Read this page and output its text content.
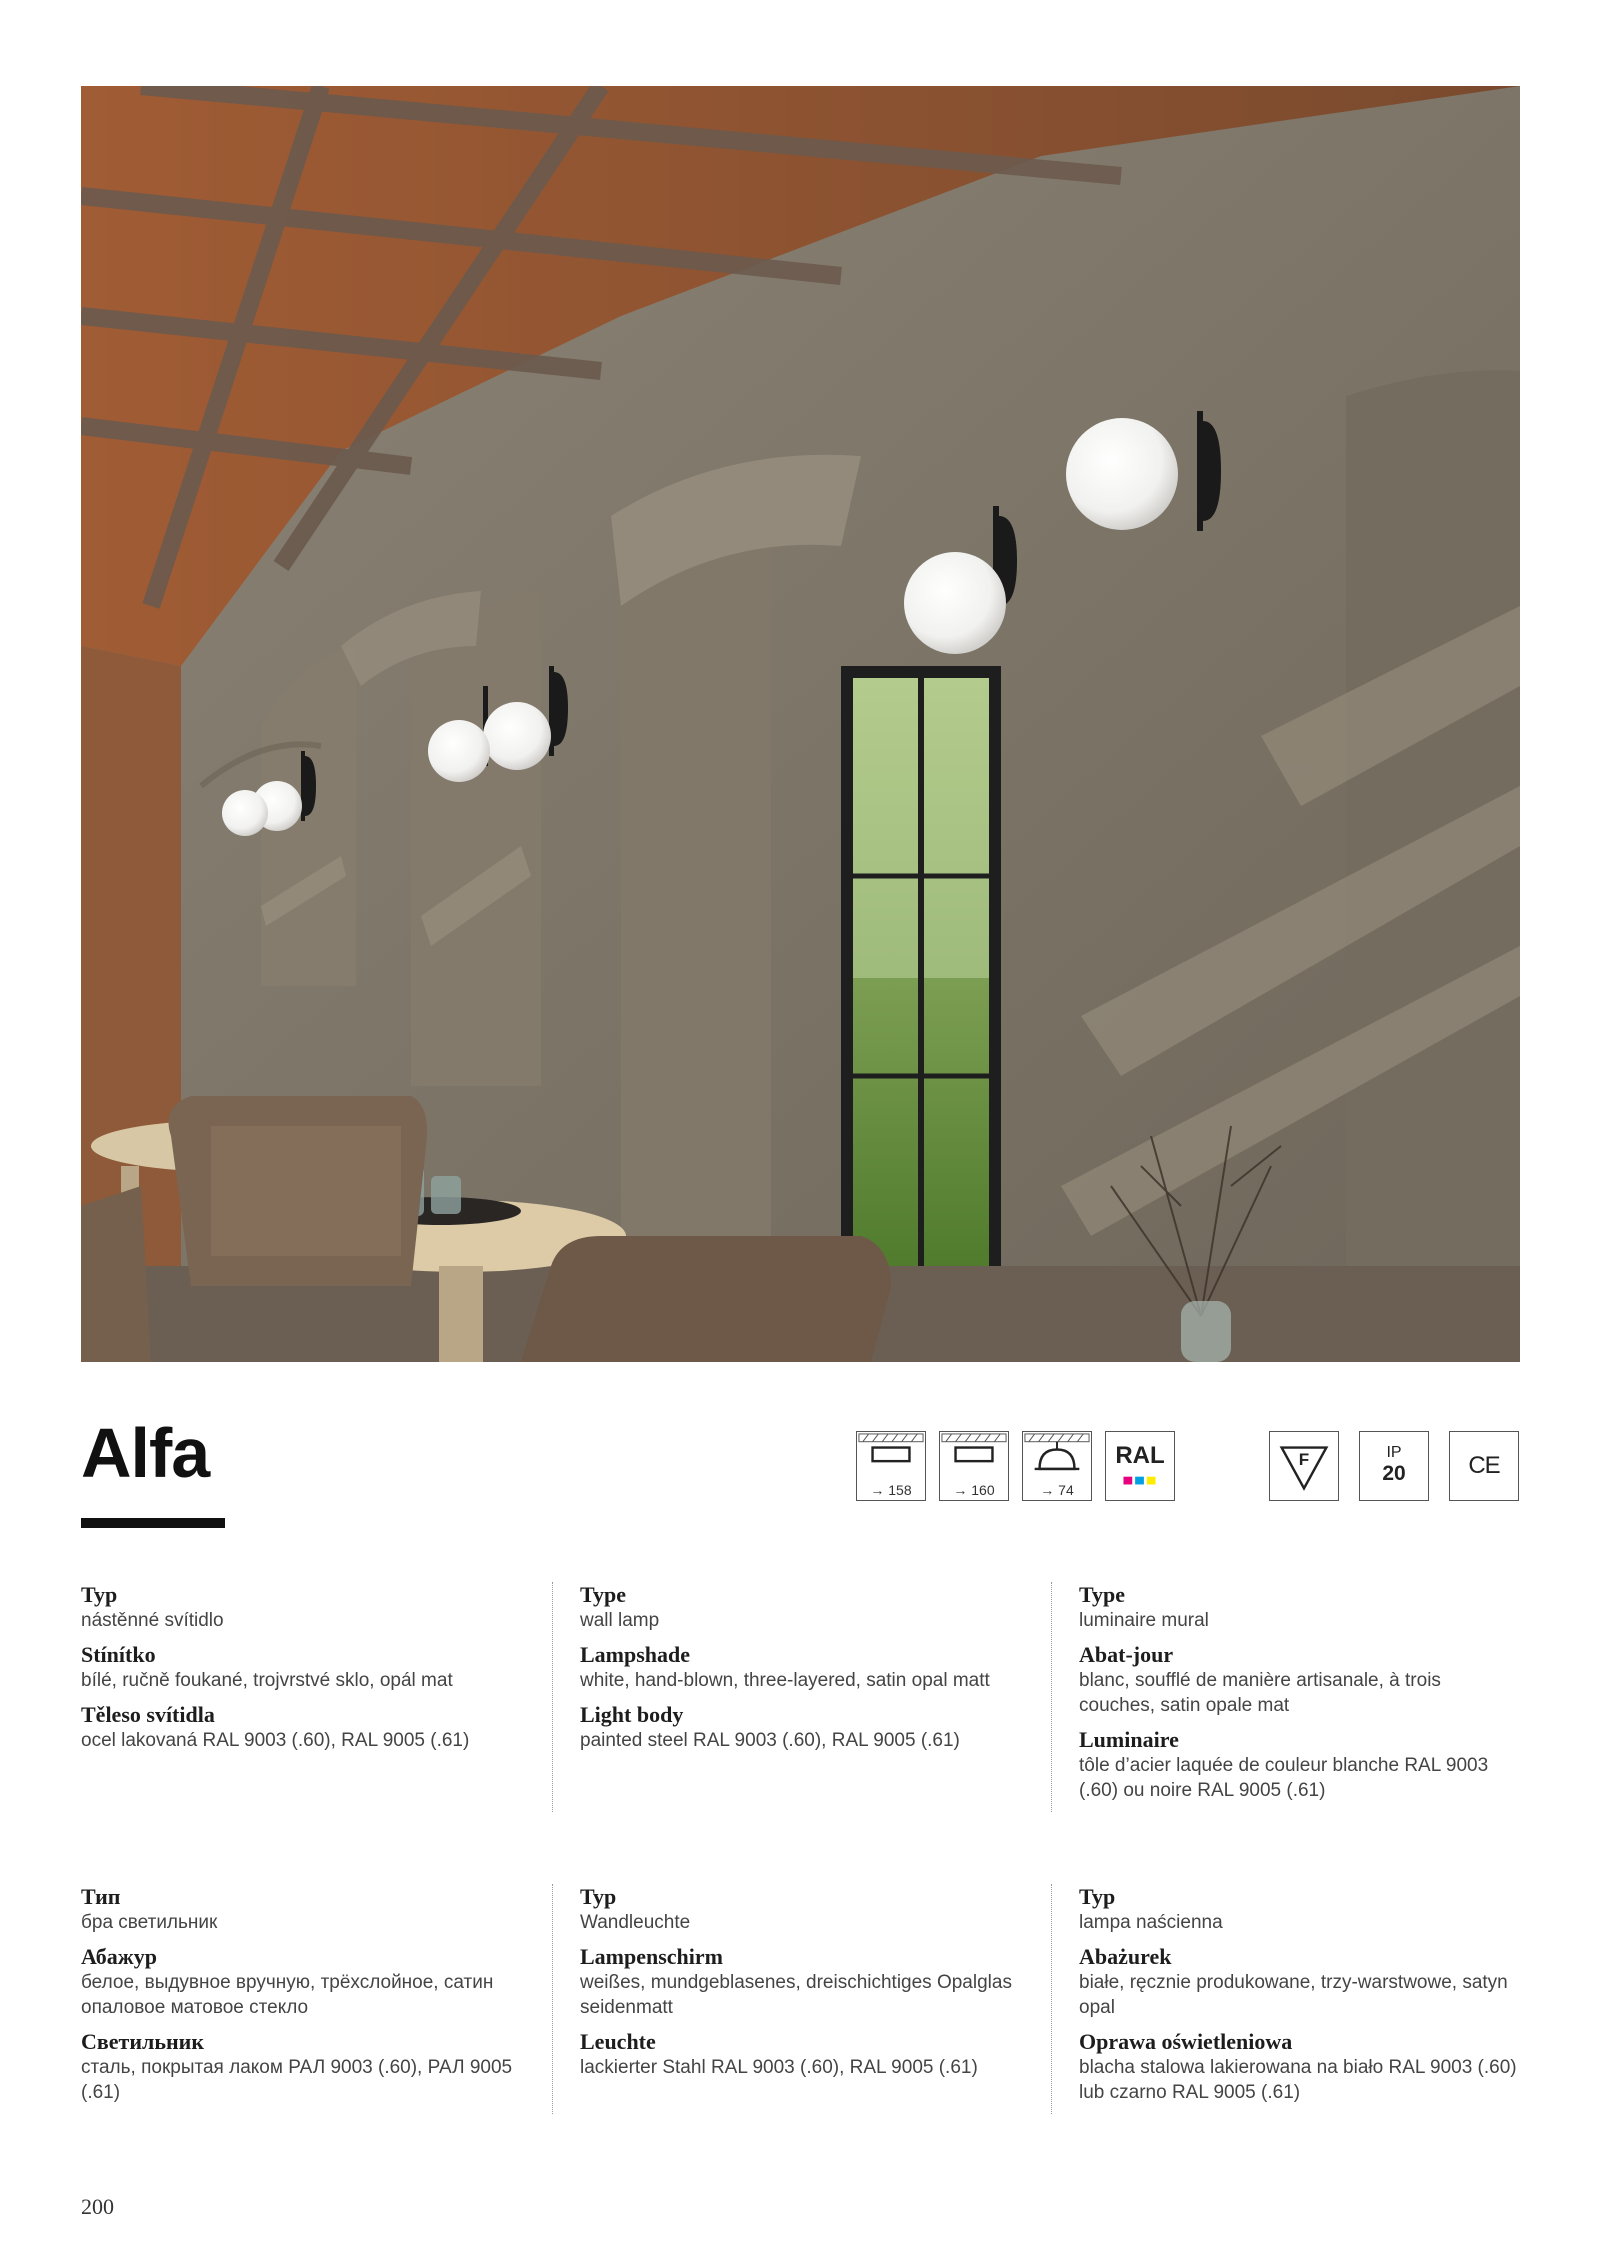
Alfa	→ 158	→ 160	→ 74
RAL	F	IP
20	CE
Typ
nástěnné svítidlo
Stínítko
bílé, ručně foukané, trojvrstvé sklo, opál mat
Těleso svítidla
ocel lakovaná RAL 9003 (.60), RAL 9005 (.61)
Type
wall lamp
Lampshade
white, hand-blown, three-layered, satin opal matt
Light body
painted steel RAL 9003 (.60), RAL 9005 (.61)
Type
luminaire mural
Abat-jour
blanc, soufflé de manière artisanale, à trois couches, satin opale mat
Luminaire
tôle d’acier laquée de couleur blanche RAL 9003 (.60) ou noire RAL 9005 (.61)
Тип
бра светильник
Абажур
белое, выдувное вручную, трёхслойное, сатин опаловое матовое стекло
Светильник
сталь, покрытая лаком РАЛ 9003 (.60), РАЛ 9005 (.61)
Typ
Wandleuchte
Lampenschirm
weißes, mundgeblasenes, dreischichtiges Opalglas seidenmatt
Leuchte
lackierter Stahl RAL 9003 (.60), RAL 9005 (.61)
Typ
lampa naścienna
Abażurek
białe, ręcznie produkowane, trzy-warstwowe, satyn opal
Oprawa oświetleniowa
blacha stalowa lakierowana na biało RAL 9003 (.60) lub czarno RAL 9005 (.61)
200
